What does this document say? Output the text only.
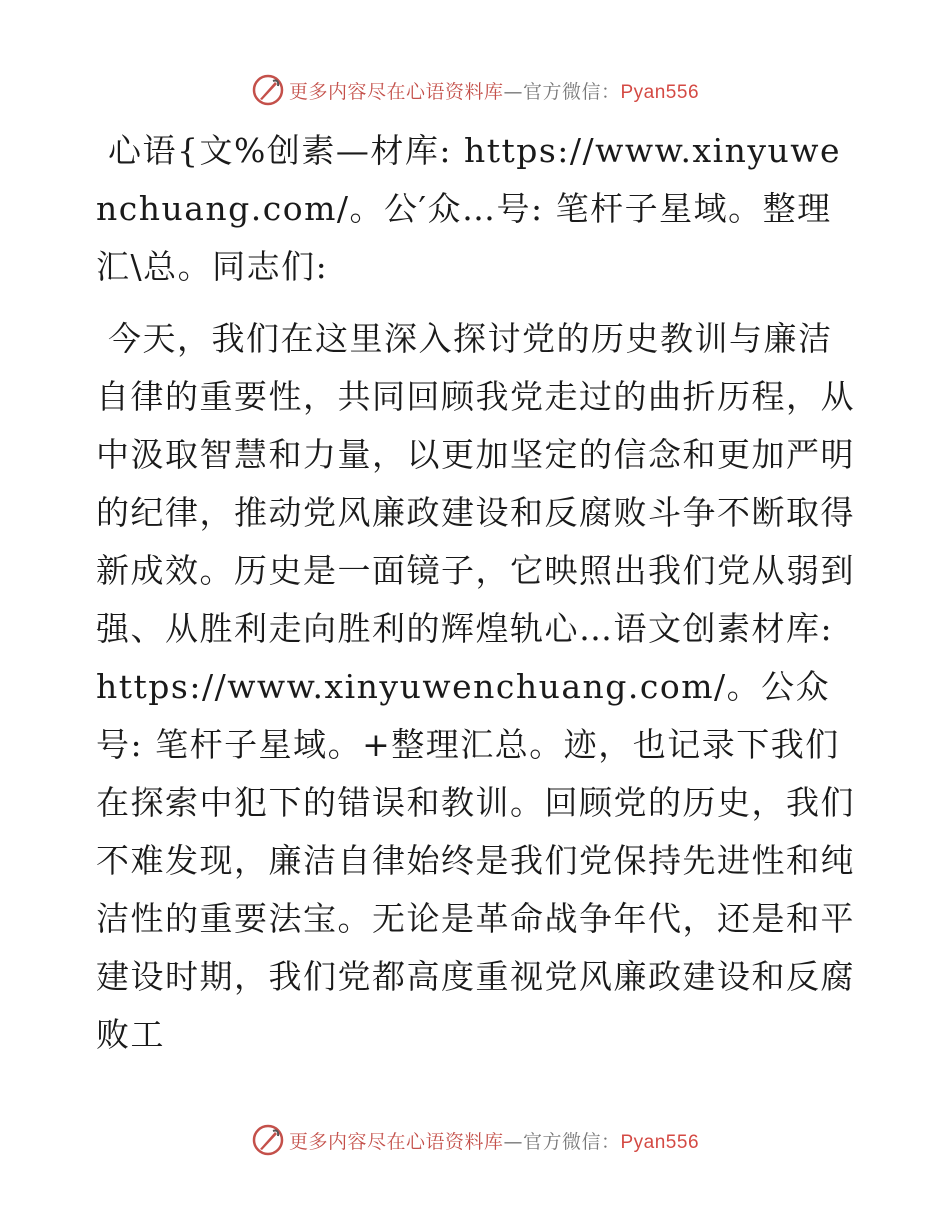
更多内容尽在心语资料库—官方微信：Pyan556

心语{文%创素—材库: https://www.xinyuwenchuang.com/。公′众…号: 笔杆子星域。整理汇\总。同志们:

今天，我们在这里深入探讨党的历史教训与廉洁自律的重要性，共同回顾我党走过的曲折历程，从中汲取智慧和力量，以更加坚定的信念和更加严明的纪律，推动党风廉政建设和反腐败斗争不断取得新成效。历史是一面镜子，它映照出我们党从弱到强、从胜利走向胜利的辉煌轨心…语文创素材库: https://www.xinyuwenchuang.com/。公众号: 笔杆子星域。+整理汇总。迹，也记录下我们在探索中犯下的错误和教训。回顾党的历史，我们不难发现，廉洁自律始终是我们党保持先进性和纯洁性的重要法宝。无论是革命战争年代，还是和平建设时期，我们党都高度重视党风廉政建设和反腐败工

更多内容尽在心语资料库—官方微信：Pyan556
